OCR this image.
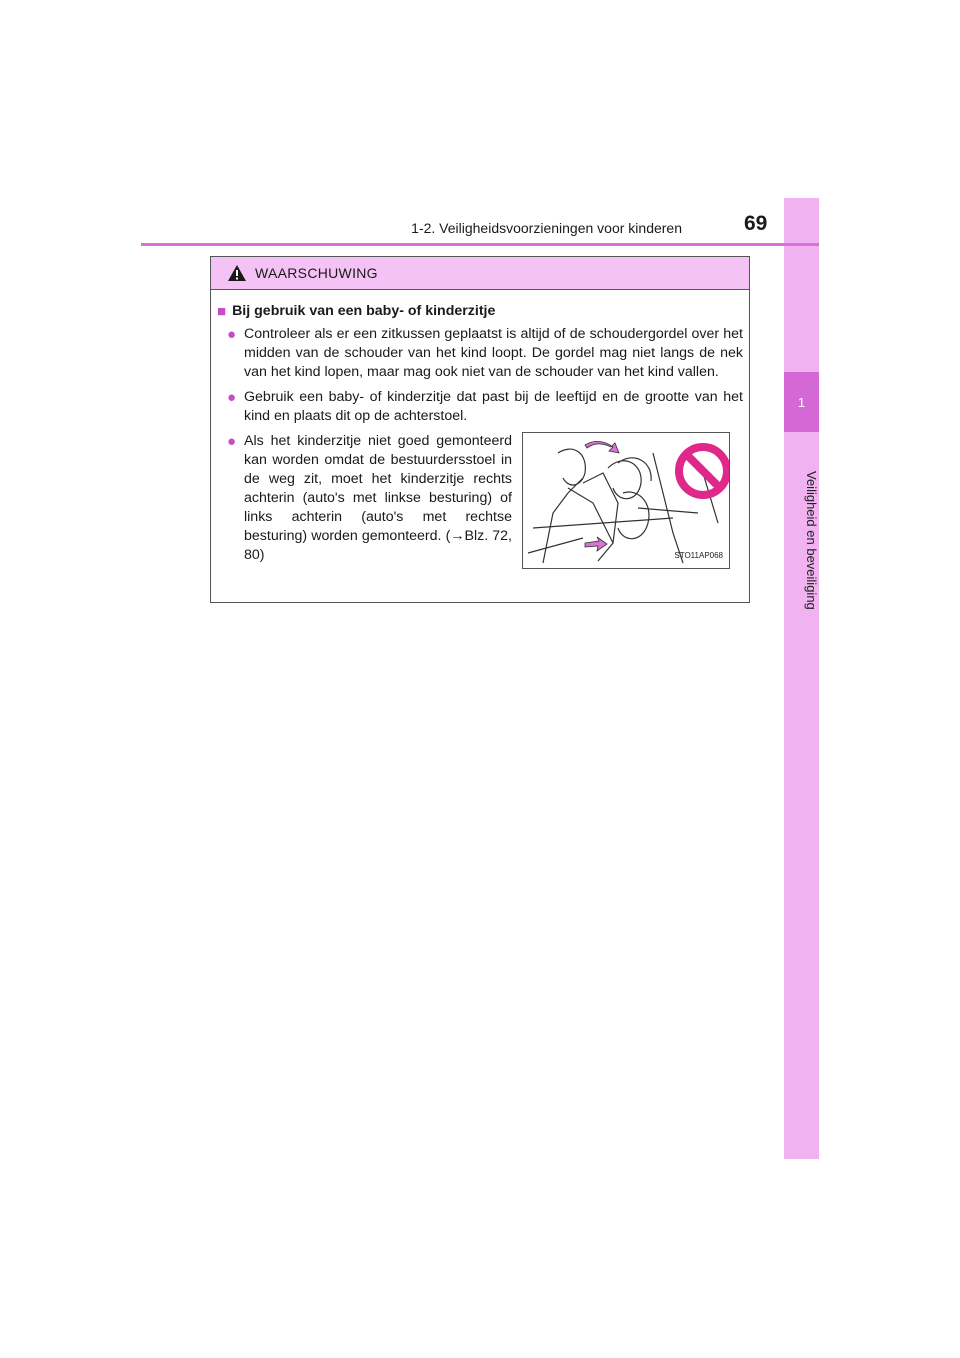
1
Veiligheid en beveiliging
1-2. Veiligheidsvoorzieningen voor kinderen	69
WAARSCHUWING
■ Bij gebruik van een baby- of kinderzitje
● Controleer als er een zitkussen geplaatst is altijd of de schoudergordel over het midden van de schouder van het kind loopt. De gordel mag niet langs de nek van het kind lopen, maar mag ook niet van de schouder van het kind vallen.
● Gebruik een baby- of kinderzitje dat past bij de leeftijd en de grootte van het kind en plaats dit op de achterstoel.
● Als het kinderzitje niet goed gemonteerd kan worden omdat de bestuurdersstoel in de weg zit, moet het kinderzitje rechts achterin (auto's met linkse besturing) of links achterin (auto's met rechtse besturing) worden gemonteerd. (→Blz. 72, 80)	STO11AP068
